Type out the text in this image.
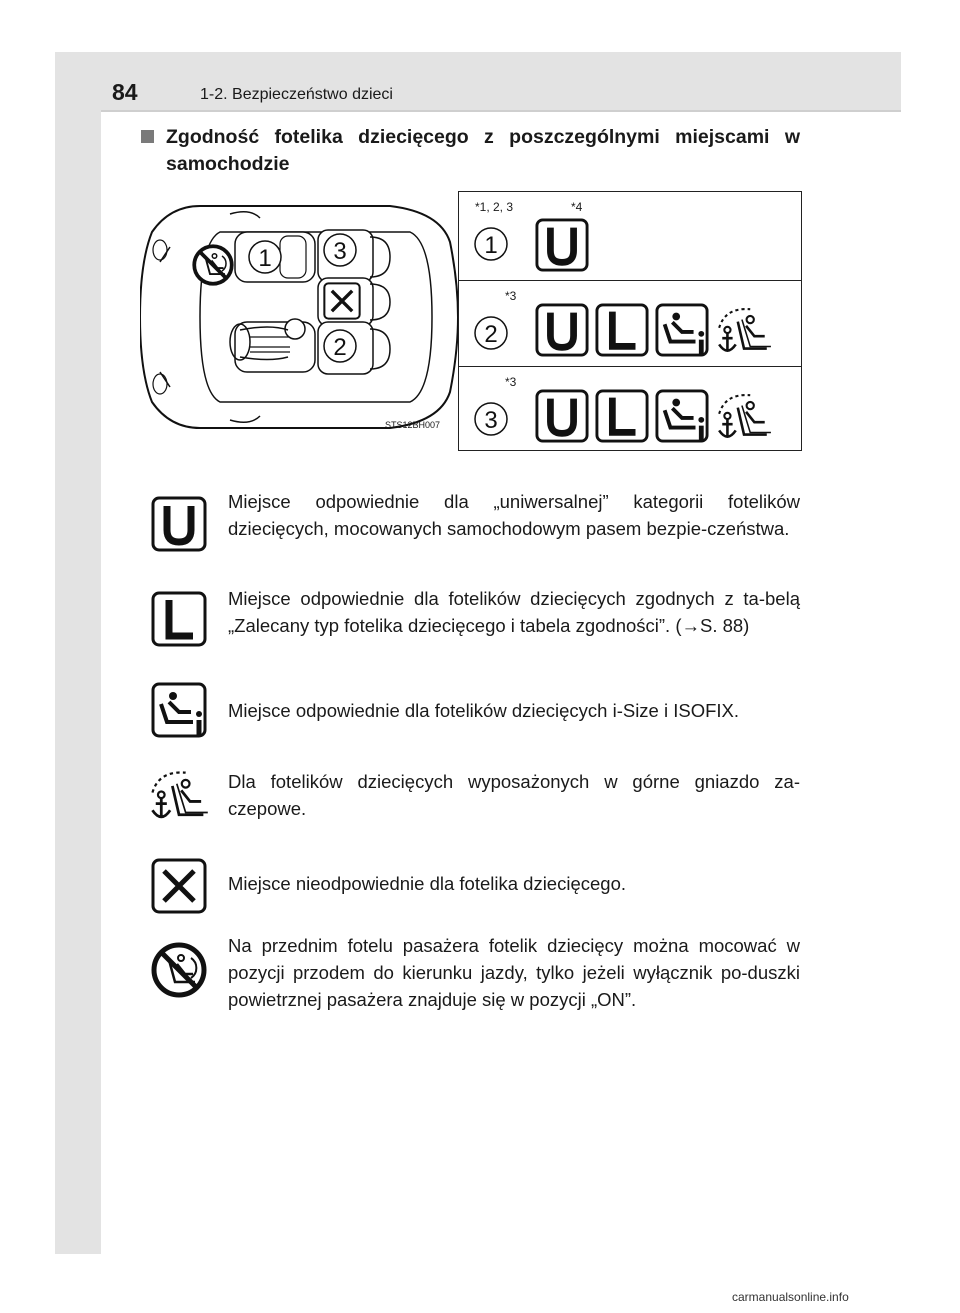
84	1-2. Bezpieczeństwo dzieci
Zgodność fotelika dziecięcego z poszczególnymi miejscami w samochodzie
1	3
2
STS12BH007
*1, 2, 3	*4
1
*3
2
*3
3
Miejsce odpowiednie dla „uniwersalnej” kategorii fotelików dziecięcych, mocowanych samochodowym pasem bezpie-czeństwa.
Miejsce odpowiednie dla fotelików dziecięcych zgodnych z ta-belą „Zalecany typ fotelika dziecięcego i tabela zgodności”. (→S. 88)
Miejsce odpowiednie dla fotelików dziecięcych i-Size i ISOFIX.
Dla fotelików dziecięcych wyposażonych w górne gniazdo za-czepowe.
Miejsce nieodpowiednie dla fotelika dziecięcego.
Na przednim fotelu pasażera fotelik dziecięcy można mocować w pozycji przodem do kierunku jazdy, tylko jeżeli wyłącznik po-duszki powietrznej pasażera znajduje się w pozycji „ON”.
carmanualsonline.info
